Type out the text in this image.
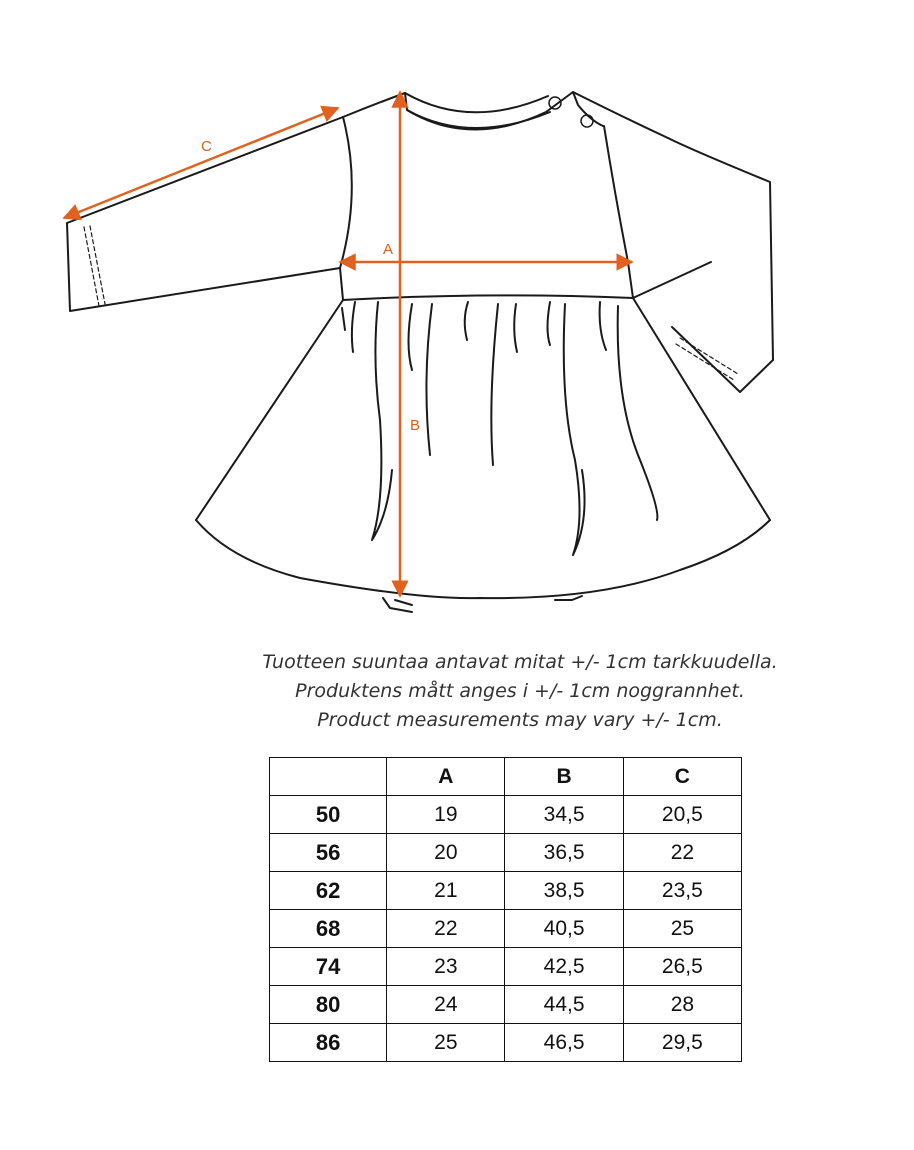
C
A
B
Tuotteen suuntaa antavat mitat +/- 1cm tarkkuudella.
Produktens mått anges i +/- 1cm noggrannhet.
Product measurements may vary +/- 1cm.
	A	B	C
50	19	34,5	20,5
56	20	36,5	22
62	21	38,5	23,5
68	22	40,5	25
74	23	42,5	26,5
80	24	44,5	28
86	25	46,5	29,5
